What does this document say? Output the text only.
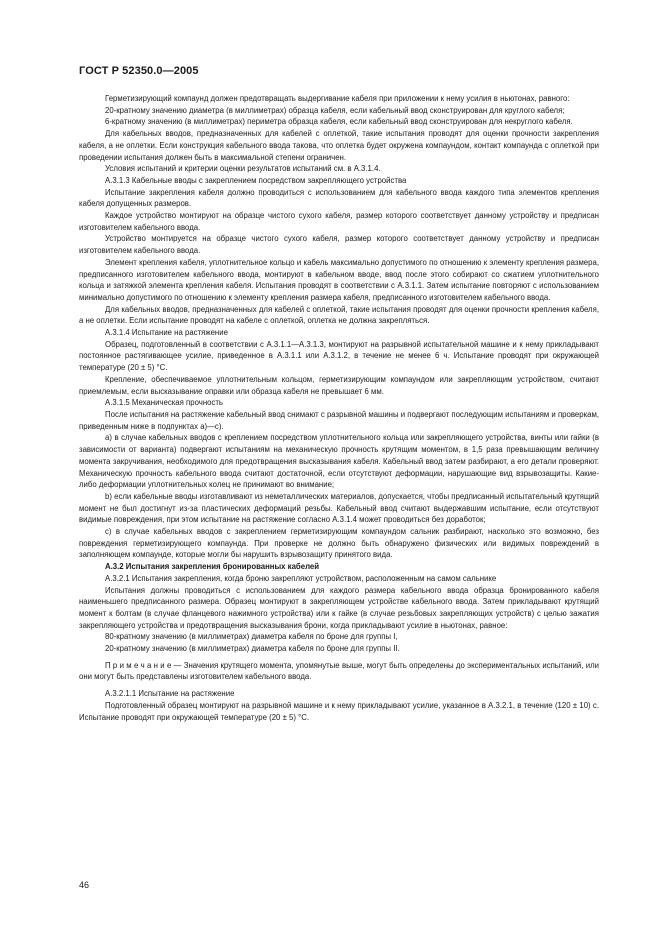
ГОСТ Р 52350.0—2005

Герметизирующий компаунд должен предотвращать выдергивание кабеля при приложении к нему усилия в ньютонах, равного:

20-кратному значению диаметра (в миллиметрах) образца кабеля, если кабельный ввод сконструирован для круглого кабеля;

6-кратному значению (в миллиметрах) периметра образца кабеля, если кабельный ввод сконструирован для некруглого кабеля.

Для кабельных вводов, предназначенных для кабелей с оплеткой, такие испытания проводят для оценки прочности закрепления кабеля, а не оплетки. Если конструкция кабельного ввода такова, что оплетка будет окружена компаундом, контакт компаунда с оплеткой при проведении испытания должен быть в максимальной степени ограничен.

Условия испытаний и критерии оценки результатов испытаний см. в А.3.1.4.

А.3.1.3 Кабельные вводы с закреплением посредством закрепляющего устройства

Испытание закрепления кабеля должно проводиться с использованием для кабельного ввода каждого типа элементов крепления кабеля допущенных размеров.

Каждое устройство монтируют на образце чистого сухого кабеля, размер которого соответствует данному устройству и предписан изготовителем кабельного ввода.

Устройство монтируется на образце чистого сухого кабеля, размер которого соответствует данному устройству и предписан изготовителем кабельного ввода.

Элемент крепления кабеля, уплотнительное кольцо и кабель максимально допустимого по отношению к элементу крепления размера, предписанного изготовителем кабельного ввода, монтируют в кабельном вводе, ввод после этого собирают со сжатием уплотнительного кольца и затяжкой элемента крепления кабеля. Испытания проводят в соответствии с А.3.1.1. Затем испытание повторяют с использованием минимально допустимого по отношению к элементу крепления размера кабеля, предписанного изготовителем кабельного ввода.

Для кабельных вводов, предназначенных для кабелей с оплеткой, такие испытания проводят для оценки прочности крепления кабеля, а не оплетки. Если испытание проводят на кабеле с оплеткой, оплетка не должна закрепляться.

А.3.1.4 Испытание на растяжение

Образец, подготовленный в соответствии с А.3.1.1—А.3.1.3, монтируют на разрывной испытательной машине и к нему прикладывают постоянное растягивающее усилие, приведенное в А.3.1.1 или А.3.1.2, в течение не менее 6 ч. Испытание проводят при окружающей температуре (20 ± 5) °С.

Крепление, обеспечиваемое уплотнительным кольцом, герметизирующим компаундом или закрепляющим устройством, считают приемлемым, если высказывание оправки или образца кабеля не превышает 6 мм.

А.3.1.5 Механическая прочность

После испытания на растяжение кабельный ввод снимают с разрывной машины и подвергают последующим испытаниям и проверкам, приведенным ниже в подпунктах а)—с).

а) в случае кабельных вводов с креплением посредством уплотнительного кольца или закрепляющего устройства, винты или гайки (в зависимости от варианта) подвергают испытаниям на механическую прочность крутящим моментом, в 1,5 раза превышающим величину момента закручивания, необходимого для предотвращения высказывания кабеля. Кабельный ввод затем разбирают, а его детали проверяют. Механическую прочность кабельного ввода считают достаточной, если отсутствуют деформации, нарушающие вид взрывозащиты. Какие-либо деформации уплотнительных колец не принимают во внимание;

b) если кабельные вводы изготавливают из неметаллических материалов, допускается, чтобы предписанный испытательный крутящий момент не был достигнут из-за пластических деформаций резьбы. Кабельный ввод считают выдержавшим испытание, если отсутствуют видимые повреждения, при этом испытание на растяжение согласно А.3.1.4 может проводиться без доработок;

с) в случае кабельных вводов с закреплением герметизирующим компаундом сальник разбирают, насколько это возможно, без повреждения герметизирующего компаунда. При проверке не должно быть обнаружено физических или видимых повреждений в заполняющем компаунде, которые могли бы нарушить взрывозащиту принятого вида.

А.3.2 Испытания закрепления бронированных кабелей

А.3.2.1 Испытания закрепления, когда броню закрепляют устройством, расположенным на самом сальнике

Испытания должны проводиться с использованием для каждого размера кабельного ввода образца бронированного кабеля наименьшего предписанного размера. Образец монтируют в закрепляющем устройстве кабельного ввода. Затем прикладывают крутящий момент к болтам (в случае фланцевого нажимного устройства) или к гайке (в случае резьбовых закрепляющих устройств) с целью зажатия закрепляющего устройства и предотвращения высказывания брони, когда прикладывают усилие в ньютонах, равное:

80-кратному значению (в миллиметрах) диаметра кабеля по броне для группы I,

20-кратному значению (в миллиметрах) диаметра кабеля по броне для группы II.

П р и м е ч а н и е — Значения крутящего момента, упомянутые выше, могут быть определены до экспериментальных испытаний, или они могут быть представлены изготовителем кабельного ввода.

А.3.2.1.1 Испытание на растяжение

Подготовленный образец монтируют на разрывной машине и к нему прикладывают усилие, указанное в А.3.2.1, в течение (120 ± 10) с. Испытание проводят при окружающей температуре (20 ± 5) °С.

46
